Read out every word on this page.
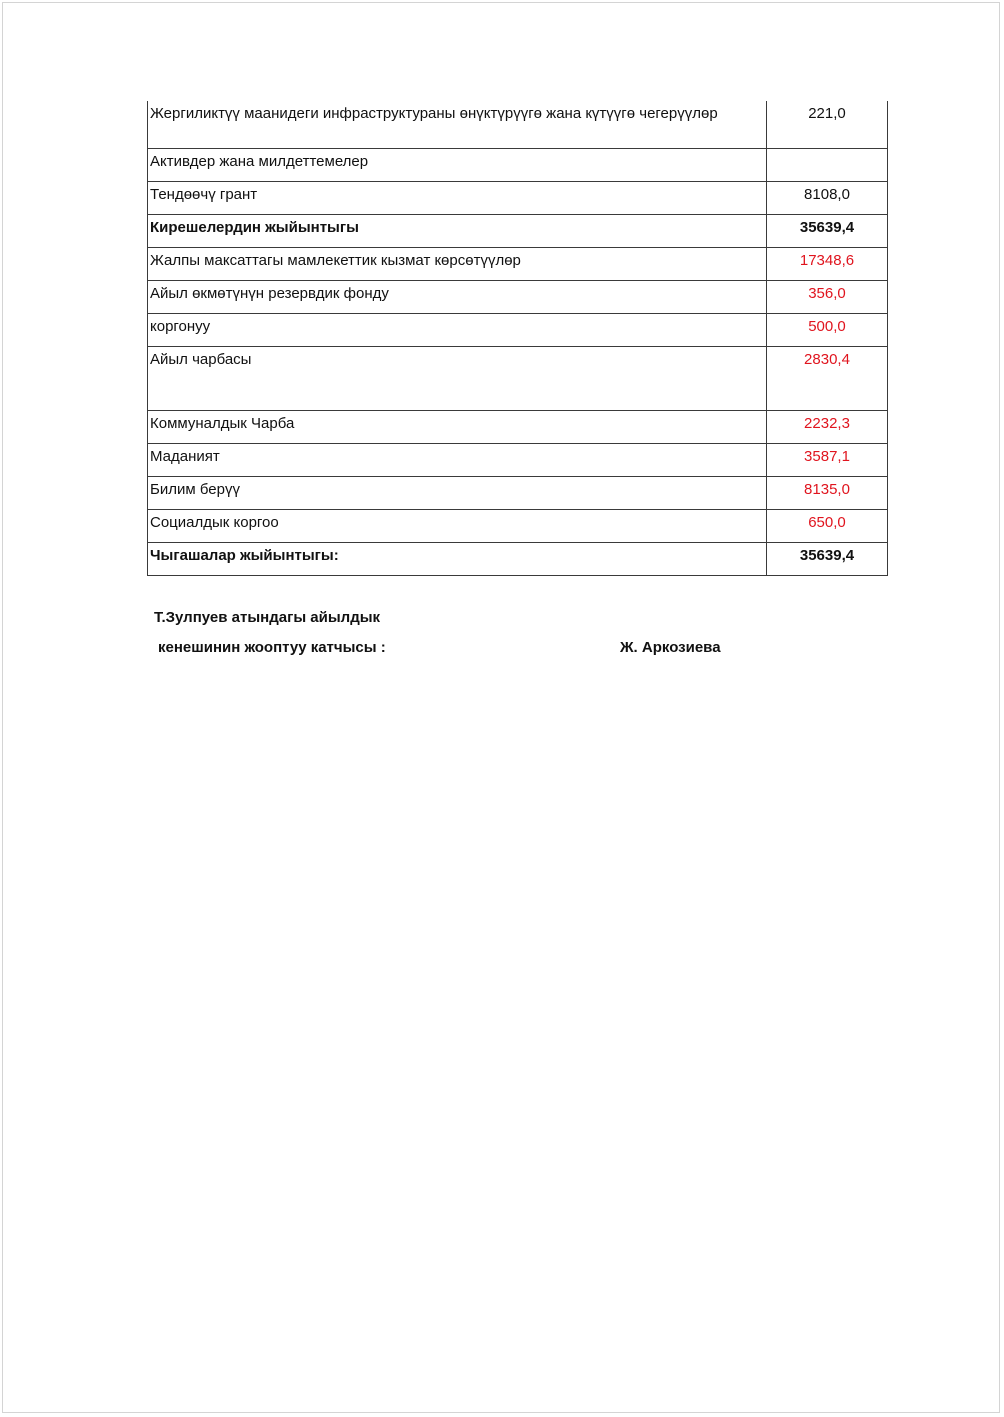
Жергиликтүү маанидеги инфраструктураны өнүктүрүүгө жана күтүүгө чегерүүлөр	221,0
Активдер жана милдеттемелер	
Тендөөчү грант	8108,0
Кирешелердин жыйынтыгы	35639,4
Жалпы максаттагы мамлекеттик кызмат көрсөтүүлөр	17348,6
Айыл өкмөтүнүн резервдик фонду	356,0
коргонуу	500,0
Айыл чарбасы	2830,4
Коммуналдык Чарба	2232,3
Маданият	3587,1
Билим берүү	8135,0
Социалдык коргоо	650,0
Чыгашалар жыйынтыгы:	35639,4
Т.Зулпуев атындагы айылдык
кенешинин жооптуу катчысы :	Ж. Аркозиева
